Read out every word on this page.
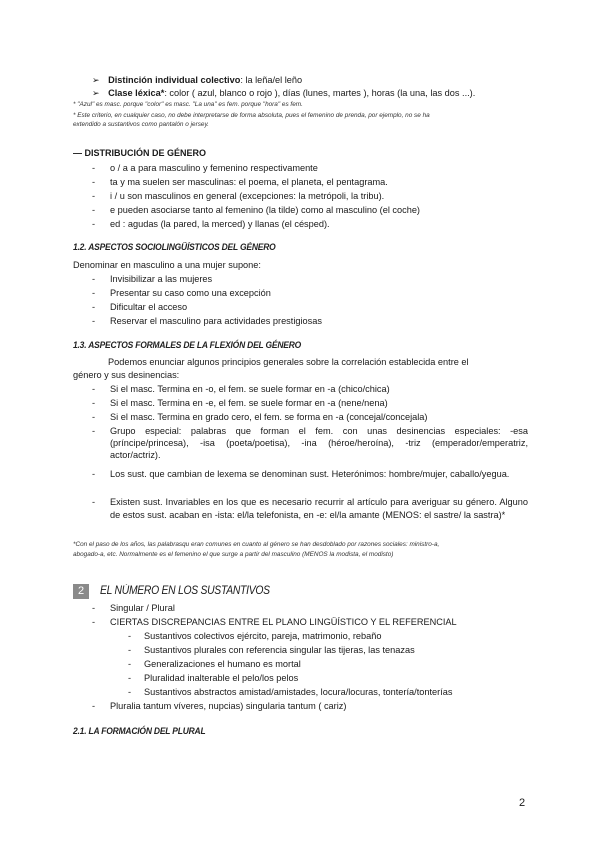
➢ Distinción individual colectivo: la leña/el leño
➢ Clase léxica*: color ( azul, blanco o rojo ), días (lunes, martes ), horas (la una, las dos ...).
* "Azul" es masc. porque "color" es masc. "La una" es fem. porque "hora" es fem.
* Este criterio, en cualquier caso, no debe interpretarse de forma absoluta, pues el femenino de prenda, por ejemplo, no se ha
extendido a sustantivos como pantalón o jersey.
— DISTRIBUCIÓN DE GÉNERO
- o / a a para masculino y femenino respectivamente
- ta y ma suelen ser masculinas: el poema, el planeta, el pentagrama.
- i / u son masculinos en general (excepciones: la metrópoli, la tribu).
- e pueden asociarse tanto al femenino (la tilde) como al masculino (el coche)
- ed : agudas (la pared, la merced) y llanas (el césped).
1.2. ASPECTOS SOCIOLINGÜÍSTICOS DEL GÉNERO
Denominar en masculino a una mujer supone:
- Invisibilizar a las mujeres
- Presentar su caso como una excepción
- Dificultar el acceso
- Reservar el masculino para actividades prestigiosas
1.3. ASPECTOS FORMALES DE LA FLEXIÓN DEL GÉNERO
Podemos enunciar algunos principios generales sobre la correlación establecida entre el
género y sus desinencias:
- Si el masc. Termina en -o, el fem. se suele formar en -a (chico/chica)
- Si el masc. Termina en -e, el fem. se suele formar en -a (nene/nena)
- Si el masc. Termina en grado cero, el fem. se forma en -a (concejal/concejala)
- Grupo especial: palabras que forman el fem. con unas desinencias especiales: -esa (príncipe/princesa), -isa (poeta/poetisa), -ina (héroe/heroína), -triz (emperador/emperatriz, actor/actriz).
- Los sust. que cambian de lexema se denominan sust. Heterónimos: hombre/mujer, caballo/yegua.
- Existen sust. Invariables en los que es necesario recurrir al artículo para averiguar su género. Alguno de estos sust. acaban en -ista: el/la telefonista, en -e: el/la amante (MENOS: el sastre/ la sastra)*
*Con el paso de los años, las palabrasqu eran comunes en cuanto al género se han desdoblado por razones sociales: ministro-a,
abogado-a, etc. Normalmente es el femenino el que surge a partir del masculino (MENOS la modista, el modisto)
2	EL NÚMERO EN LOS SUSTANTIVOS
- Singular / Plural
- CIERTAS DISCREPANCIAS ENTRE EL PLANO LINGÜÍSTICO Y EL REFERENCIAL
- Sustantivos colectivos ejército, pareja, matrimonio, rebaño
- Sustantivos plurales con referencia singular las tijeras, las tenazas
- Generalizaciones el humano es mortal
- Pluralidad inalterable el pelo/los pelos
- Sustantivos abstractos amistad/amistades, locura/locuras, tontería/tonterías
- Pluralia tantum víveres, nupcias) singularia tantum ( cariz)
2.1. LA FORMACIÓN DEL PLURAL
2
